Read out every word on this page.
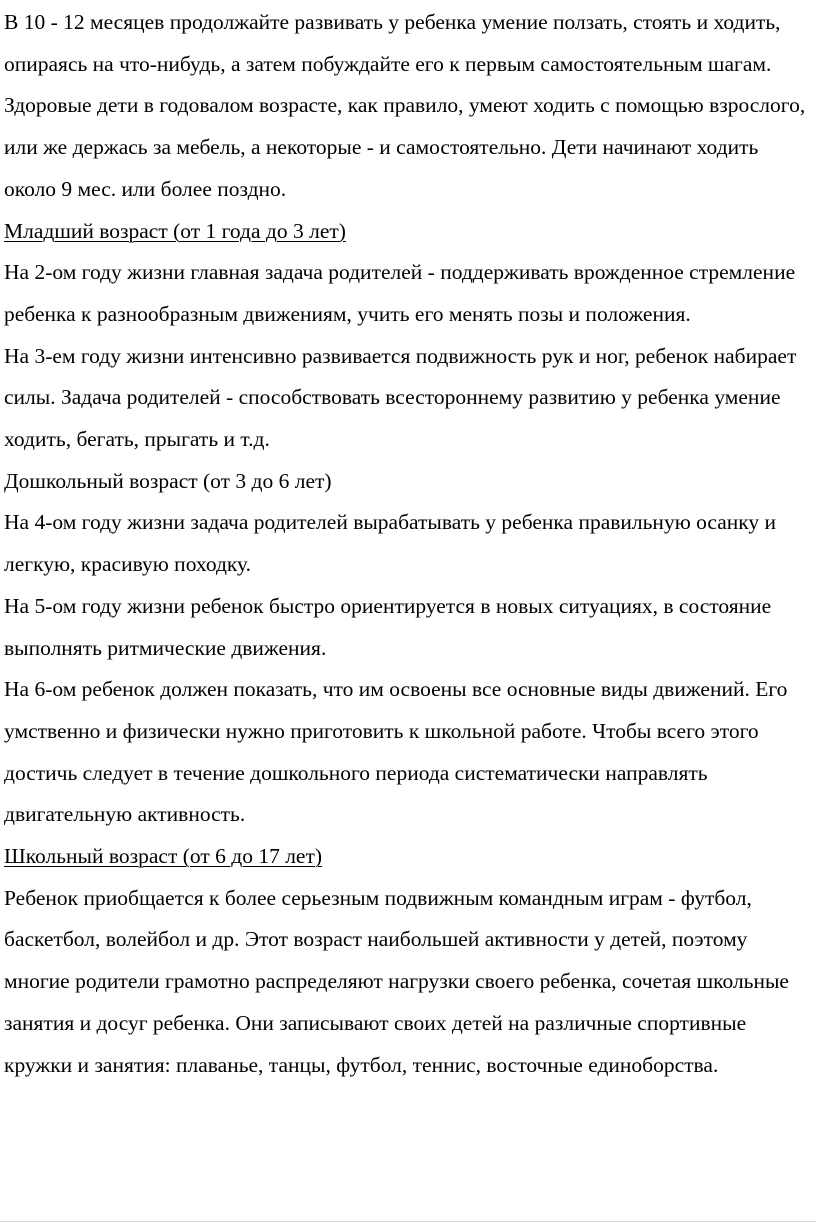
В 10 - 12 месяцев продолжайте развивать у ребенка умение ползать, стоять и ходить, опираясь на что-нибудь, а затем побуждайте его к первым самостоятельным шагам.

Здоровые дети в годовалом возрасте, как правило, умеют ходить с помощью взрослого, или же держась за мебель, а некоторые - и самостоятельно. Дети начинают ходить около 9 мес. или более поздно.

Младший возраст (от 1 года до 3 лет)

На 2-ом году жизни главная задача родителей - поддерживать врожденное стремление ребенка к разнообразным движениям, учить его менять позы и положения.

На 3-ем году жизни интенсивно развивается подвижность рук и ног, ребенок набирает силы. Задача родителей - способствовать всестороннему развитию у ребенка умение ходить, бегать, прыгать и т.д.

Дошкольный возраст (от 3 до 6 лет)

На 4-ом году жизни задача родителей вырабатывать у ребенка правильную осанку и легкую, красивую походку.

На 5-ом году жизни ребенок быстро ориентируется в новых ситуациях, в состояние выполнять ритмические движения.

На 6-ом ребенок должен показать, что им освоены все основные виды движений. Его умственно и физически нужно приготовить к школьной работе. Чтобы всего этого достичь следует в течение дошкольного периода систематически направлять двигательную активность.

Школьный возраст (от 6 до 17 лет)

Ребенок приобщается к более серьезным подвижным командным играм - футбол, баскетбол, волейбол и др. Этот возраст наибольшей активности у детей, поэтому многие родители грамотно распределяют нагрузки своего ребенка, сочетая школьные занятия и досуг ребенка. Они записывают своих детей на различные спортивные кружки и занятия: плаванье, танцы, футбол, теннис, восточные единоборства.
